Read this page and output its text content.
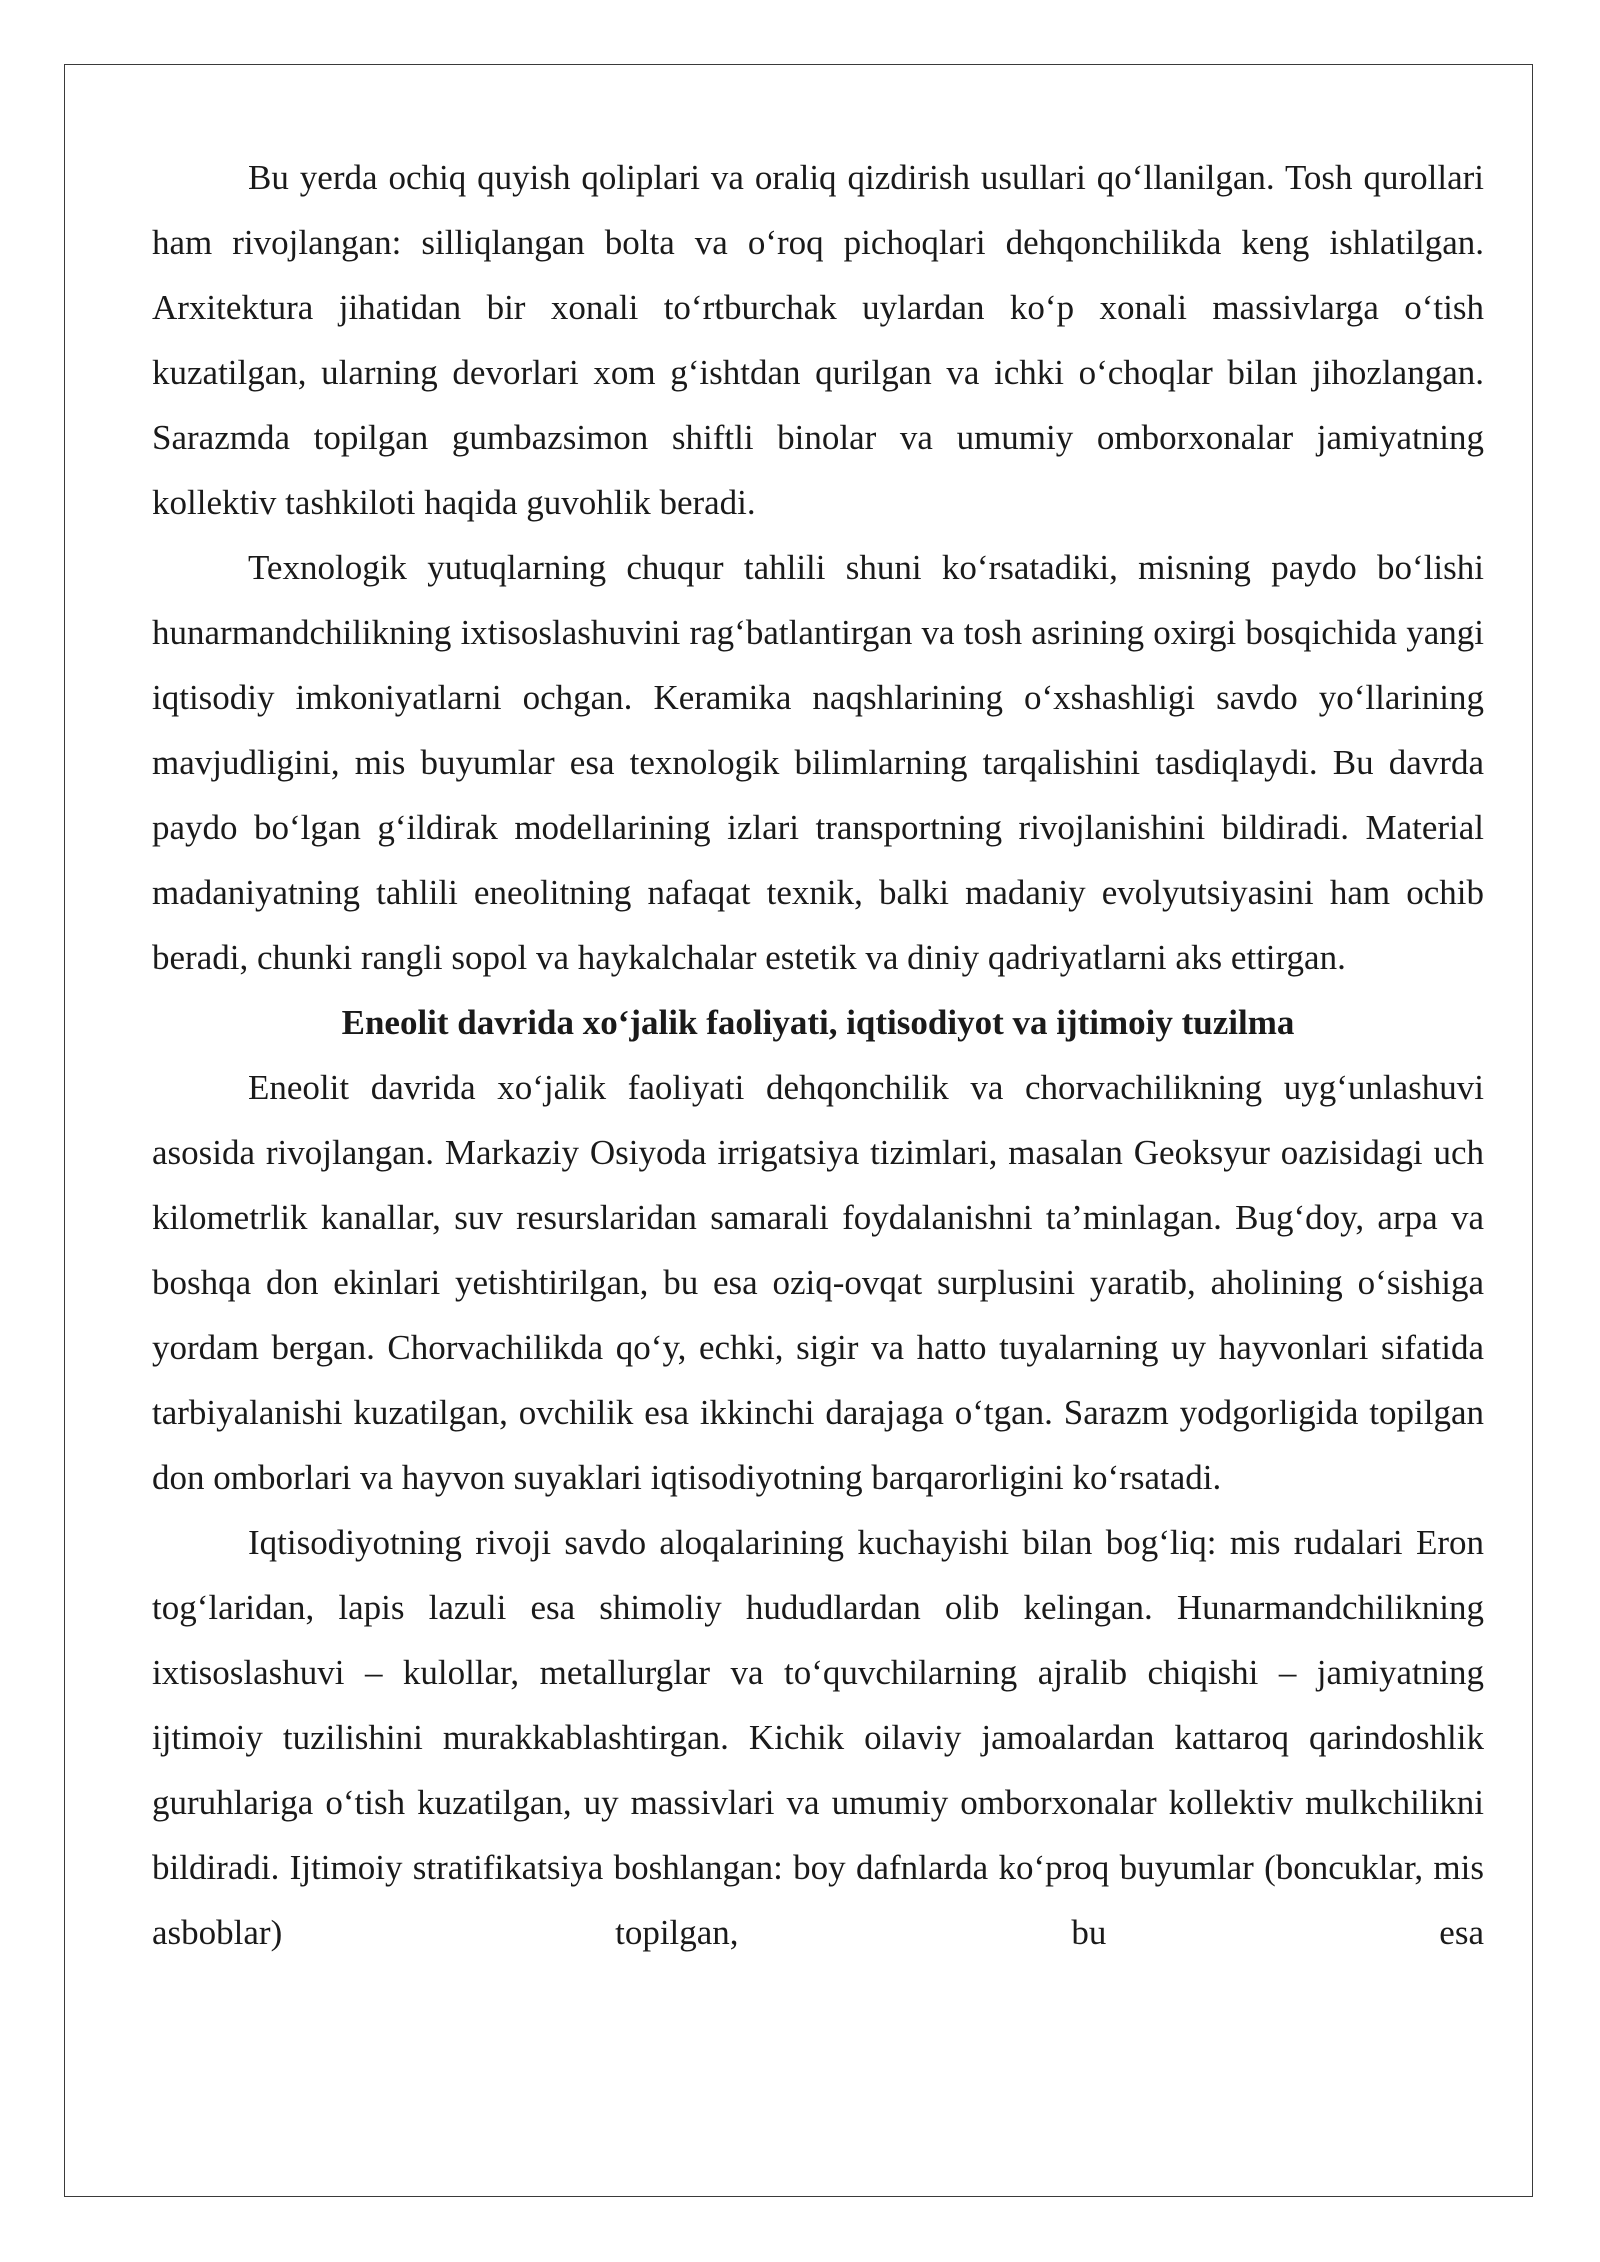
Bu yerda ochiq quyish qoliplari va oraliq qizdirish usullari qo‘llanilgan. Tosh qurollari ham rivojlangan: silliqlangan bolta va o‘roq pichoqlari dehqonchilikda keng ishlatilgan. Arxitektura jihatidan bir xonali to‘rtburchak uylardan ko‘p xonali massivlarga o‘tish kuzatilgan, ularning devorlari xom g‘ishtdan qurilgan va ichki o‘choqlar bilan jihozlangan. Sarazmda topilgan gumbazsimon shiftli binolar va umumiy omborxonalar jamiyatning kollektiv tashkiloti haqida guvohlik beradi.

Texnologik yutuqlarning chuqur tahlili shuni ko‘rsatadiki, misning paydo bo‘lishi hunarmandchilikning ixtisoslashuvini rag‘batlantirgan va tosh asrining oxirgi bosqichida yangi iqtisodiy imkoniyatlarni ochgan. Keramika naqshlarining o‘xshashligi savdo yo‘llarining mavjudligini, mis buyumlar esa texnologik bilimlarning tarqalishini tasdiqlaydi. Bu davrda paydo bo‘lgan g‘ildirak modellarining izlari transportning rivojlanishini bildiradi. Material madaniyatning tahlili eneolitning nafaqat texnik, balki madaniy evolyutsiyasini ham ochib beradi, chunki rangli sopol va haykalchalar estetik va diniy qadriyatlarni aks ettirgan.

Eneolit davrida xo‘jalik faoliyati, iqtisodiyot va ijtimoiy tuzilma

Eneolit davrida xo‘jalik faoliyati dehqonchilik va chorvachilikning uyg‘unlashuvi asosida rivojlangan. Markaziy Osiyoda irrigatsiya tizimlari, masalan Geoksyur oazisidagi uch kilometrlik kanallar, suv resurslaridan samarali foydalanishni ta’minlagan. Bug‘doy, arpa va boshqa don ekinlari yetishtirilgan, bu esa oziq-ovqat surplusini yaratib, aholining o‘sishiga yordam bergan. Chorvachilikda qo‘y, echki, sigir va hatto tuyalarning uy hayvonlari sifatida tarbiyalanishi kuzatilgan, ovchilik esa ikkinchi darajaga o‘tgan. Sarazm yodgorligida topilgan don omborlari va hayvon suyaklari iqtisodiyotning barqarorligini ko‘rsatadi.

Iqtisodiyotning rivoji savdo aloqalarining kuchayishi bilan bog‘liq: mis rudalari Eron tog‘laridan, lapis lazuli esa shimoliy hududlardan olib kelingan. Hunarmandchilikning ixtisoslashuvi – kulollar, metallurglar va to‘quvchilarning ajralib chiqishi – jamiyatning ijtimoiy tuzilishini murakkablashtirgan. Kichik oilaviy jamoalardan kattaroq qarindoshlik guruhlariga o‘tish kuzatilgan, uy massivlari va umumiy omborxonalar kollektiv mulkchilikni bildiradi. Ijtimoiy stratifikatsiya boshlangan: boy dafnlarda ko‘proq buyumlar (boncuklar, mis asboblar) topilgan, bu esa
